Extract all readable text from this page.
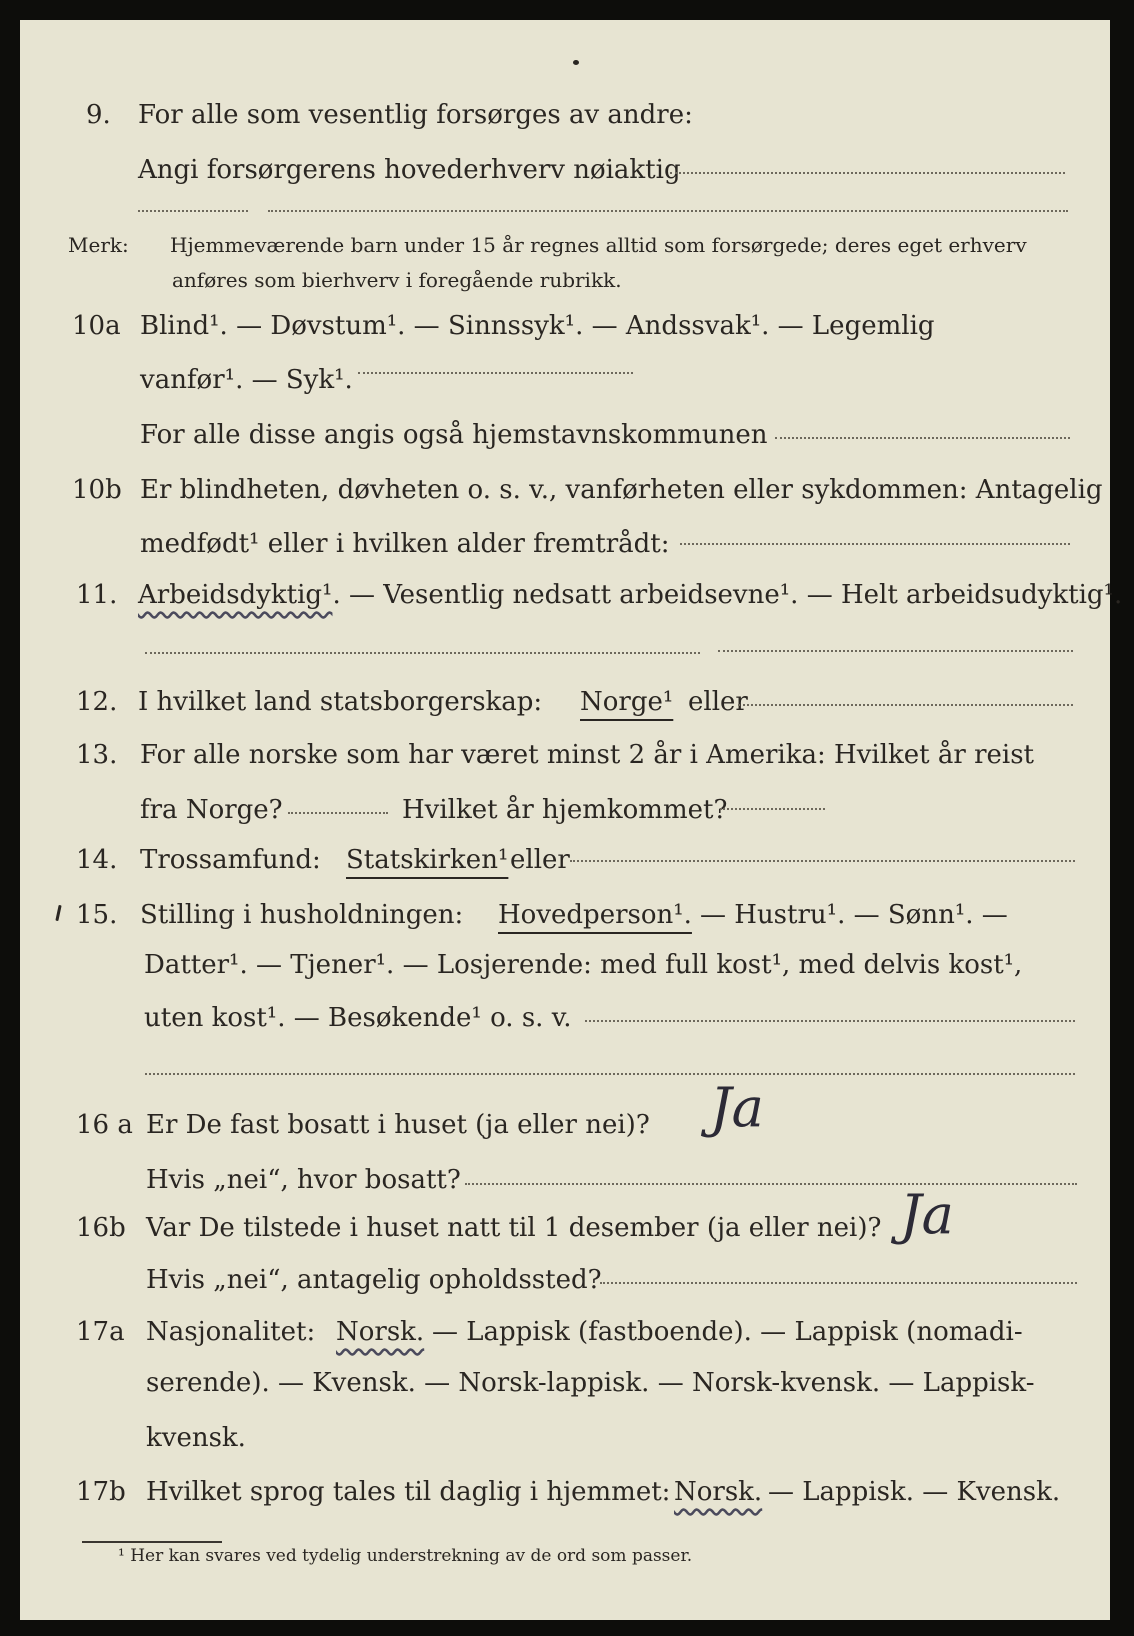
9. For alle som vesentlig forsørges av andre:
Angi forsørgerens hovederhverv nøiaktig
Merk: Hjemmeværende barn under 15 år regnes alltid som forsørgede; deres eget erhverv
anføres som bierhverv i foregående rubrikk.
10a Blind¹. — Døvstum¹. — Sinnssyk¹. — Andssvak¹. — Legemlig
vanfør¹. — Syk¹.
For alle disse angis også hjemstavnskommunen
10b Er blindheten, døvheten o. s. v., vanførheten eller sykdommen: Antagelig
medfødt¹ eller i hvilken alder fremtrådt:
11. Arbeidsdyktig¹. — Vesentlig nedsatt arbeidsevne¹. — Helt arbeidsudyktig¹.
12. I hvilket land statsborgerskap: Norge¹ eller
13. For alle norske som har været minst 2 år i Amerika: Hvilket år reist
fra Norge?	Hvilket år hjemkommet?
14. Trossamfund: Statskirken¹ eller
15. Stilling i husholdningen: Hovedperson¹. — Hustru¹. — Sønn¹. —
Datter¹. — Tjener¹. — Losjerende: med full kost¹, med delvis kost¹,
uten kost¹. — Besøkende¹ o. s. v.
16 a Er De fast bosatt i huset (ja eller nei)? Ja
Hvis „nei“, hvor bosatt?
16b Var De tilstede i huset natt til 1 desember (ja eller nei)? Ja
Hvis „nei“, antagelig opholdssted?
17a Nasjonalitet: Norsk. — Lappisk (fastboende). — Lappisk (nomadi-
serende). — Kvensk. — Norsk-lappisk. — Norsk-kvensk. — Lappisk-
kvensk.
17b Hvilket sprog tales til daglig i hjemmet: Norsk. — Lappisk. — Kvensk.
¹ Her kan svares ved tydelig understrekning av de ord som passer.
